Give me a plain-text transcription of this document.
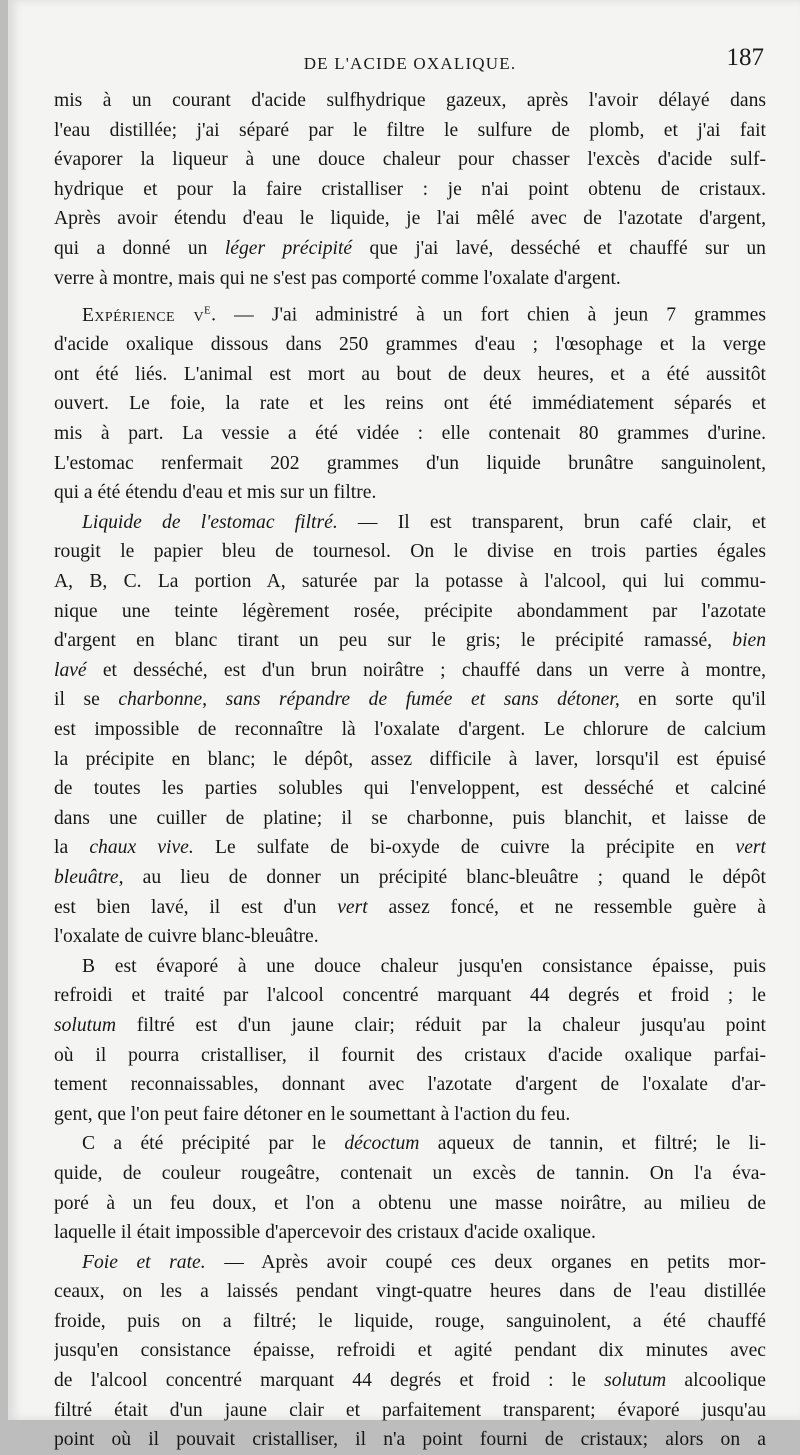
DE L'ACIDE OXALIQUE.	187

mis à un courant d'acide sulfhydrique gazeux, après l'avoir délayé dans
l'eau distillée; j'ai séparé par le filtre le sulfure de plomb, et j'ai fait
évaporer la liqueur à une douce chaleur pour chasser l'excès d'acide sulf-
hydrique et pour la faire cristalliser : je n'ai point obtenu de cristaux.
Après avoir étendu d'eau le liquide, je l'ai mêlé avec de l'azotate d'argent,
qui a donné un léger précipité que j'ai lavé, desséché et chauffé sur un
verre à montre, mais qui ne s'est pas comporté comme l'oxalate d'argent.

Expérience $v^e$. — J'ai administré à un fort chien à jeun 7 grammes
d'acide oxalique dissous dans 250 grammes d'eau ; l'œsophage et la verge
ont été liés. L'animal est mort au bout de deux heures, et a été aussitôt
ouvert. Le foie, la rate et les reins ont été immédiatement séparés et
mis à part. La vessie a été vidée : elle contenait 80 grammes d'urine.
L'estomac renfermait 202 grammes d'un liquide brunâtre sanguinolent,
qui a été étendu d'eau et mis sur un filtre.

Liquide de l'estomac filtré. — Il est transparent, brun café clair, et
rougit le papier bleu de tournesol. On le divise en trois parties égales
A, B, C. La portion A, saturée par la potasse à l'alcool, qui lui commu-
nique une teinte légèrement rosée, précipite abondamment par l'azotate
d'argent en blanc tirant un peu sur le gris; le précipité ramassé, bien
lavé et desséché, est d'un brun noirâtre ; chauffé dans un verre à montre,
il se charbonne, sans répandre de fumée et sans détoner, en sorte qu'il
est impossible de reconnaître là l'oxalate d'argent. Le chlorure de calcium
la précipite en blanc; le dépôt, assez difficile à laver, lorsqu'il est épuisé
de toutes les parties solubles qui l'enveloppent, est desséché et calciné
dans une cuiller de platine; il se charbonne, puis blanchit, et laisse de
la chaux vive. Le sulfate de bi-oxyde de cuivre la précipite en vert
bleuâtre, au lieu de donner un précipité blanc-bleuâtre ; quand le dépôt
est bien lavé, il est d'un vert assez foncé, et ne ressemble guère à
l'oxalate de cuivre blanc-bleuâtre.

B est évaporé à une douce chaleur jusqu'en consistance épaisse, puis
refroidi et traité par l'alcool concentré marquant 44 degrés et froid ; le
solutum filtré est d'un jaune clair; réduit par la chaleur jusqu'au point
où il pourra cristalliser, il fournit des cristaux d'acide oxalique parfai-
tement reconnaissables, donnant avec l'azotate d'argent de l'oxalate d'ar-
gent, que l'on peut faire détoner en le soumettant à l'action du feu.

C a été précipité par le décoctum aqueux de tannin, et filtré; le li-
quide, de couleur rougeâtre, contenait un excès de tannin. On l'a éva-
poré à un feu doux, et l'on a obtenu une masse noirâtre, au milieu de
laquelle il était impossible d'apercevoir des cristaux d'acide oxalique.

Foie et rate. — Après avoir coupé ces deux organes en petits mor-
ceaux, on les a laissés pendant vingt-quatre heures dans de l'eau distillée
froide, puis on a filtré; le liquide, rouge, sanguinolent, a été chauffé
jusqu'en consistance épaisse, refroidi et agité pendant dix minutes avec
de l'alcool concentré marquant 44 degrés et froid : le solutum alcoolique
filtré était d'un jaune clair et parfaitement transparent; évaporé jusqu'au
point où il pouvait cristalliser, il n'a point fourni de cristaux; alors on a
